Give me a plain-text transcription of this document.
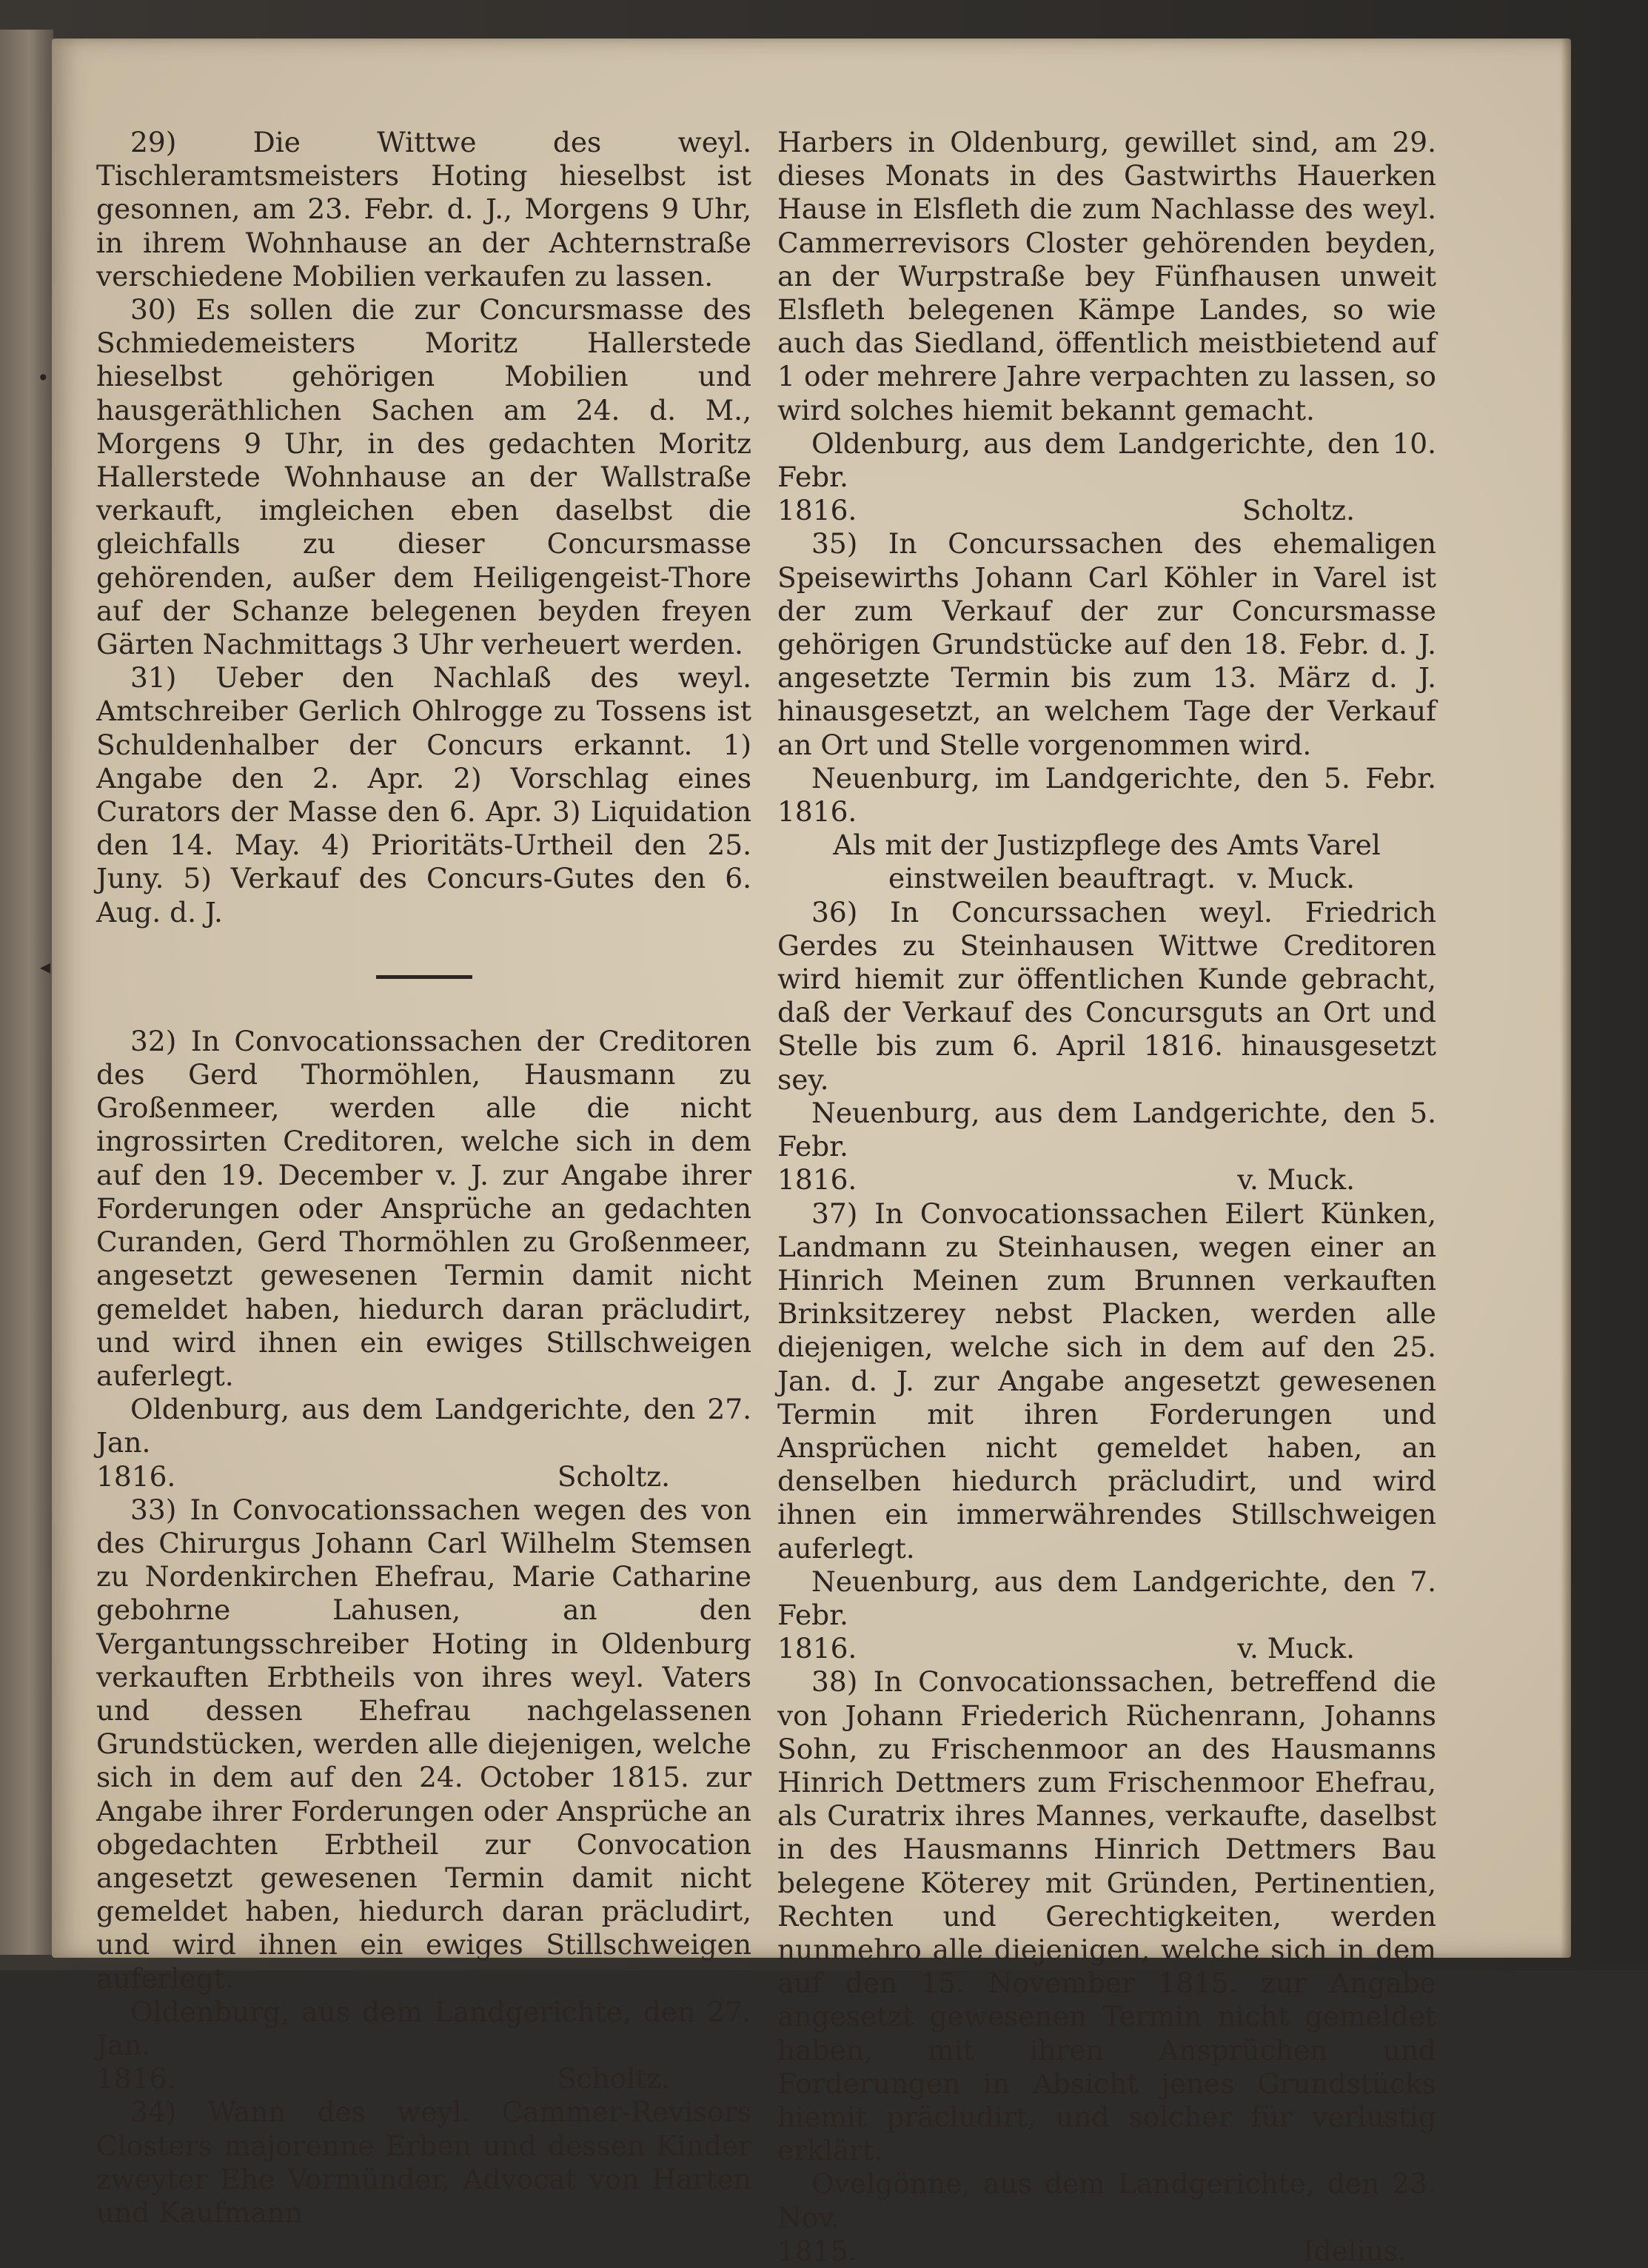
•
◂

29) Die Wittwe des weyl. Tischleramtsmeisters Hoting hieselbst ist gesonnen, am 23. Febr. d. J., Morgens 9 Uhr, in ihrem Wohnhause an der Achternstraße verschiedene Mobilien verkaufen zu lassen.

30) Es sollen die zur Concursmasse des Schmiedemeisters Moritz Hallerstede hieselbst gehörigen Mobilien und hausgeräthlichen Sachen am 24. d. M., Morgens 9 Uhr, in des gedachten Moritz Hallerstede Wohnhause an der Wallstraße verkauft, imgleichen eben daselbst die gleichfalls zu dieser Concursmasse gehörenden, außer dem Heiligengeist-Thore auf der Schanze belegenen beyden freyen Gärten Nachmittags 3 Uhr verheuert werden.

31) Ueber den Nachlaß des weyl. Amtschreiber Gerlich Ohlrogge zu Tossens ist Schuldenhalber der Concurs erkannt. 1) Angabe den 2. Apr. 2) Vorschlag eines Curators der Masse den 6. Apr. 3) Liquidation den 14. May. 4) Prioritäts-Urtheil den 25. Juny. 5) Verkauf des Concurs-Gutes den 6. Aug. d. J.

32) In Convocationssachen der Creditoren des Gerd Thormöhlen, Hausmann zu Großenmeer, werden alle die nicht ingrossirten Creditoren, welche sich in dem auf den 19. December v. J. zur Angabe ihrer Forderungen oder Ansprüche an gedachten Curanden, Gerd Thormöhlen zu Großenmeer, angesetzt gewesenen Termin damit nicht gemeldet haben, hiedurch daran präcludirt, und wird ihnen ein ewiges Stillschweigen auferlegt.

Oldenburg, aus dem Landgerichte, den 27. Jan.

1816.	Scholtz.

33) In Convocationssachen wegen des von des Chirurgus Johann Carl Wilhelm Stemsen zu Nordenkirchen Ehefrau, Marie Catharine gebohrne Lahusen, an den Vergantungsschreiber Hoting in Oldenburg verkauften Erbtheils von ihres weyl. Vaters und dessen Ehefrau nachgelassenen Grundstücken, werden alle diejenigen, welche sich in dem auf den 24. October 1815. zur Angabe ihrer Forderungen oder Ansprüche an obgedachten Erbtheil zur Convocation angesetzt gewesenen Termin damit nicht gemeldet haben, hiedurch daran präcludirt, und wird ihnen ein ewiges Stillschweigen auferlegt.

Oldenburg, aus dem Landgerichte, den 27. Jan.

1816.	Scholtz.

34) Wann des weyl. Cammer-Revisors Closters majorenne Erben und dessen Kinder zweyter Ehe Vormünder, Advocat von Harten und Kaufmann

Harbers in Oldenburg, gewillet sind, am 29. dieses Monats in des Gastwirths Hauerken Hause in Elsfleth die zum Nachlasse des weyl. Cammerrevisors Closter gehörenden beyden, an der Wurpstraße bey Fünfhausen unweit Elsfleth belegenen Kämpe Landes, so wie auch das Siedland, öffentlich meistbietend auf 1 oder mehrere Jahre verpachten zu lassen, so wird solches hiemit bekannt gemacht.

Oldenburg, aus dem Landgerichte, den 10. Febr.

1816.	Scholtz.

35) In Concurssachen des ehemaligen Speisewirths Johann Carl Köhler in Varel ist der zum Verkauf der zur Concursmasse gehörigen Grundstücke auf den 18. Febr. d. J. angesetzte Termin bis zum 13. März d. J. hinausgesetzt, an welchem Tage der Verkauf an Ort und Stelle vorgenommen wird.

Neuenburg, im Landgerichte, den 5. Febr. 1816.

Als mit der Justizpflege des Amts Varel
einstweilen beauftragt. v. Muck.

36) In Concurssachen weyl. Friedrich Gerdes zu Steinhausen Wittwe Creditoren wird hiemit zur öffentlichen Kunde gebracht, daß der Verkauf des Concursguts an Ort und Stelle bis zum 6. April 1816. hinausgesetzt sey.

Neuenburg, aus dem Landgerichte, den 5. Febr.

1816.	v. Muck.

37) In Convocationssachen Eilert Künken, Landmann zu Steinhausen, wegen einer an Hinrich Meinen zum Brunnen verkauften Brinksitzerey nebst Placken, werden alle diejenigen, welche sich in dem auf den 25. Jan. d. J. zur Angabe angesetzt gewesenen Termin mit ihren Forderungen und Ansprüchen nicht gemeldet haben, an denselben hiedurch präcludirt, und wird ihnen ein immerwährendes Stillschweigen auferlegt.

Neuenburg, aus dem Landgerichte, den 7. Febr.

1816.	v. Muck.

38) In Convocationssachen, betreffend die von Johann Friederich Rüchenrann, Johanns Sohn, zu Frischenmoor an des Hausmanns Hinrich Dettmers zum Frischenmoor Ehefrau, als Curatrix ihres Mannes, verkaufte, daselbst in des Hausmanns Hinrich Dettmers Bau belegene Köterey mit Gründen, Pertinentien, Rechten und Gerechtigkeiten, werden nunmehro alle diejenigen, welche sich in dem auf den 15. November 1815. zur Angabe angesetzt gewesenen Termin nicht gemeldet haben, mit ihren Ansprüchen und Forderungen in Absicht jenes Grundstücks hiemit präcludirt, und solcher für verlustig erklärt.

Ovelgönne, aus dem Landgerichte, den 23. Nov.

1815.	Idelius.
